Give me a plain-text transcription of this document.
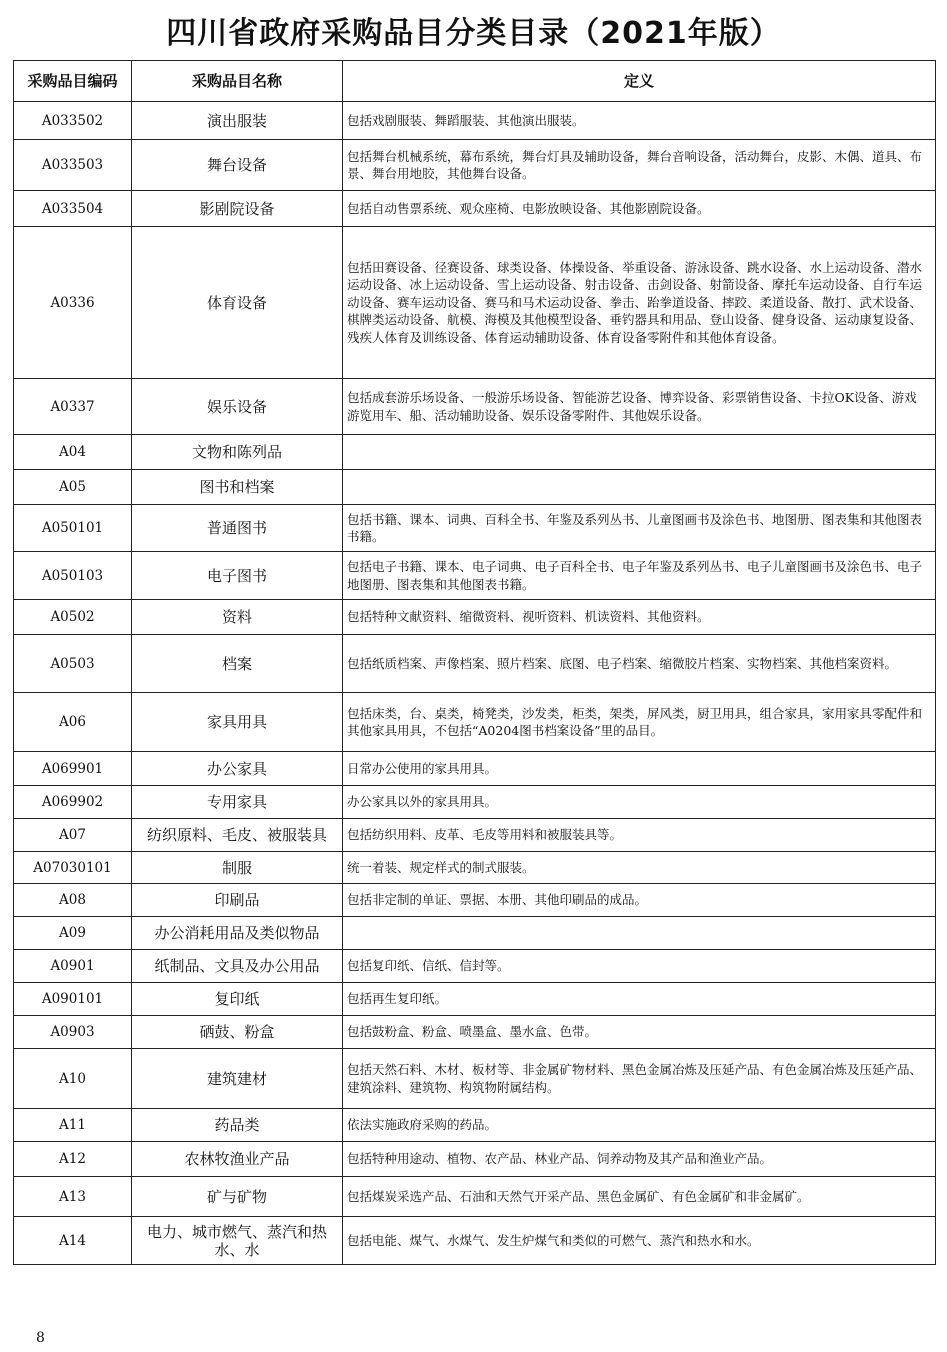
四川省政府采购品目分类目录（2021年版）
采购品目编码	采购品目名称	定义
A033502	演出服装	包括戏剧服装、舞蹈服装、其他演出服装。
A033503	舞台设备	包括舞台机械系统，幕布系统，舞台灯具及辅助设备，舞台音响设备，活动舞台，皮影、木偶、道具、布景、舞台用地胶，其他舞台设备。
A033504	影剧院设备	包括自动售票系统、观众座椅、电影放映设备、其他影剧院设备。
A0336	体育设备	包括田赛设备、径赛设备、球类设备、体操设备、举重设备、游泳设备、跳水设备、水上运动设备、潜水运动设备、冰上运动设备、雪上运动设备、射击设备、击剑设备、射箭设备、摩托车运动设备、自行车运动设备、赛车运动设备、赛马和马术运动设备、拳击、跆拳道设备、摔跤、柔道设备、散打、武术设备、棋牌类运动设备、航模、海模及其他模型设备、垂钓器具和用品、登山设备、健身设备、运动康复设备、残疾人体育及训练设备、体育运动辅助设备、体育设备零附件和其他体育设备。
A0337	娱乐设备	包括成套游乐场设备、一般游乐场设备、智能游艺设备、博弈设备、彩票销售设备、卡拉OK设备、游戏游览用车、船、活动辅助设备、娱乐设备零附件、其他娱乐设备。
A04	文物和陈列品	
A05	图书和档案	
A050101	普通图书	包括书籍、课本、词典、百科全书、年鉴及系列丛书、儿童图画书及涂色书、地图册、图表集和其他图表书籍。
A050103	电子图书	包括电子书籍、课本、电子词典、电子百科全书、电子年鉴及系列丛书、电子儿童图画书及涂色书、电子地图册、图表集和其他图表书籍。
A0502	资料	包括特种文献资料、缩微资料、视听资料、机读资料、其他资料。
A0503	档案	包括纸质档案、声像档案、照片档案、底图、电子档案、缩微胶片档案、实物档案、其他档案资料。
A06	家具用具	包括床类，台、桌类，椅凳类，沙发类，柜类，架类，屏风类，厨卫用具，组合家具，家用家具零配件和其他家具用具，不包括“A0204图书档案设备”里的品目。
A069901	办公家具	日常办公使用的家具用具。
A069902	专用家具	办公家具以外的家具用具。
A07	纺织原料、毛皮、被服装具	包括纺织用料、皮革、毛皮等用料和被服装具等。
A07030101	制服	统一着装、规定样式的制式服装。
A08	印刷品	包括非定制的单证、票据、本册、其他印刷品的成品。
A09	办公消耗用品及类似物品	
A0901	纸制品、文具及办公用品	包括复印纸、信纸、信封等。
A090101	复印纸	包括再生复印纸。
A0903	硒鼓、粉盒	包括鼓粉盒、粉盒、喷墨盒、墨水盒、色带。
A10	建筑建材	包括天然石料、木材、板材等、非金属矿物材料、黑色金属冶炼及压延产品、有色金属冶炼及压延产品、建筑涂料、建筑物、构筑物附属结构。
A11	药品类	依法实施政府采购的药品。
A12	农林牧渔业产品	包括特种用途动、植物、农产品、林业产品、饲养动物及其产品和渔业产品。
A13	矿与矿物	包括煤炭采选产品、石油和天然气开采产品、黑色金属矿、有色金属矿和非金属矿。
A14	电力、城市燃气、蒸汽和热水、水	包括电能、煤气、水煤气、发生炉煤气和类似的可燃气、蒸汽和热水和水。
8
